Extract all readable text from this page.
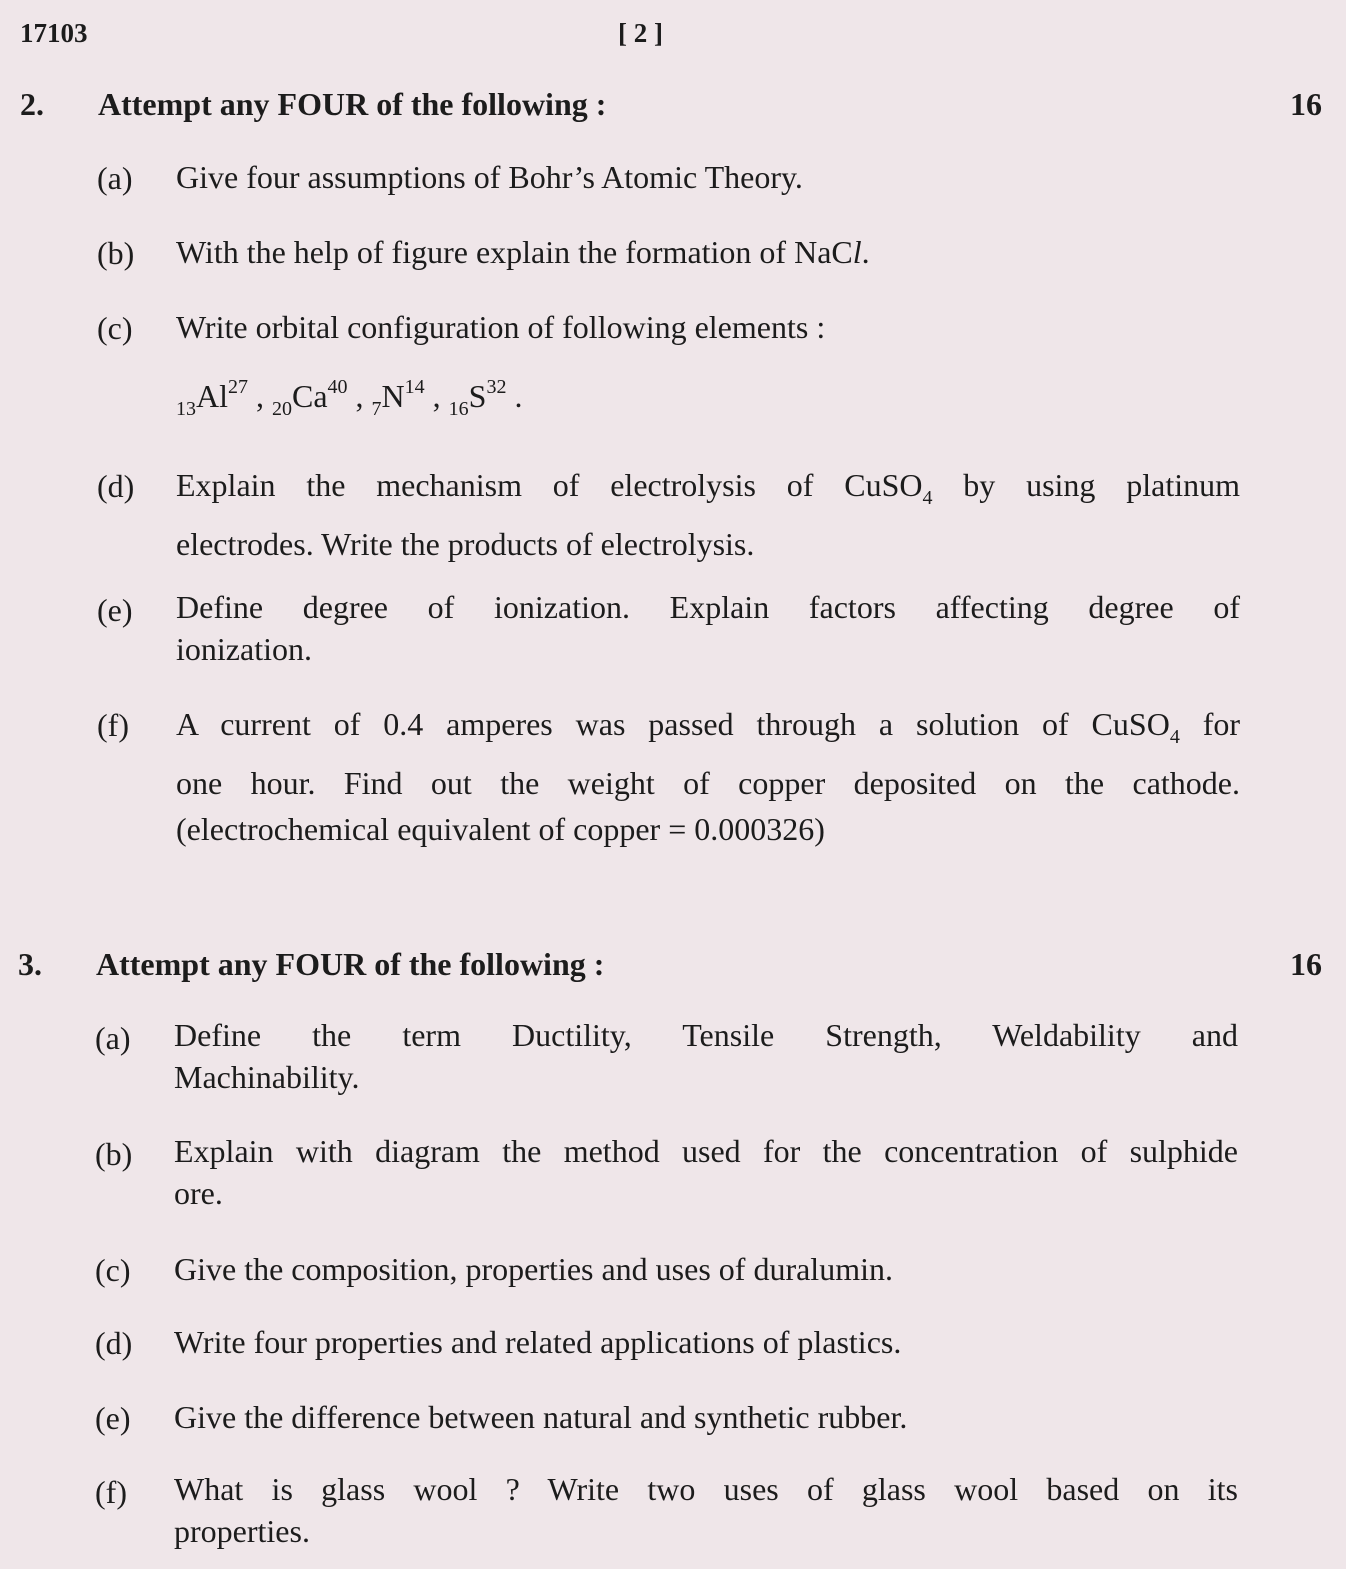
17103	[ 2 ]
2. Attempt any FOUR of the following :	16
(a) Give four assumptions of Bohr’s Atomic Theory.
(b) With the help of figure explain the formation of NaCl.
(c) Write orbital configuration of following elements :
$_{13}Al^{27}$ , $_{20}Ca^{40}$ , $_7N^{14}$ , $_{16}S^{32}$ .
(d) Explain the mechanism of electrolysis of CuSO$_4$ by using platinum
electrodes. Write the products of electrolysis.
(e) Define degree of ionization. Explain factors affecting degree of
ionization.
(f) A current of 0.4 amperes was passed through a solution of CuSO$_4$ for
one hour. Find out the weight of copper deposited on the cathode.
(electrochemical equivalent of copper = 0.000326)
3. Attempt any FOUR of the following :	16
(a) Define the term Ductility, Tensile Strength, Weldability and
Machinability.
(b) Explain with diagram the method used for the concentration of sulphide
ore.
(c) Give the composition, properties and uses of duralumin.
(d) Write four properties and related applications of plastics.
(e) Give the difference between natural and synthetic rubber.
(f) What is glass wool ? Write two uses of glass wool based on its
properties.
